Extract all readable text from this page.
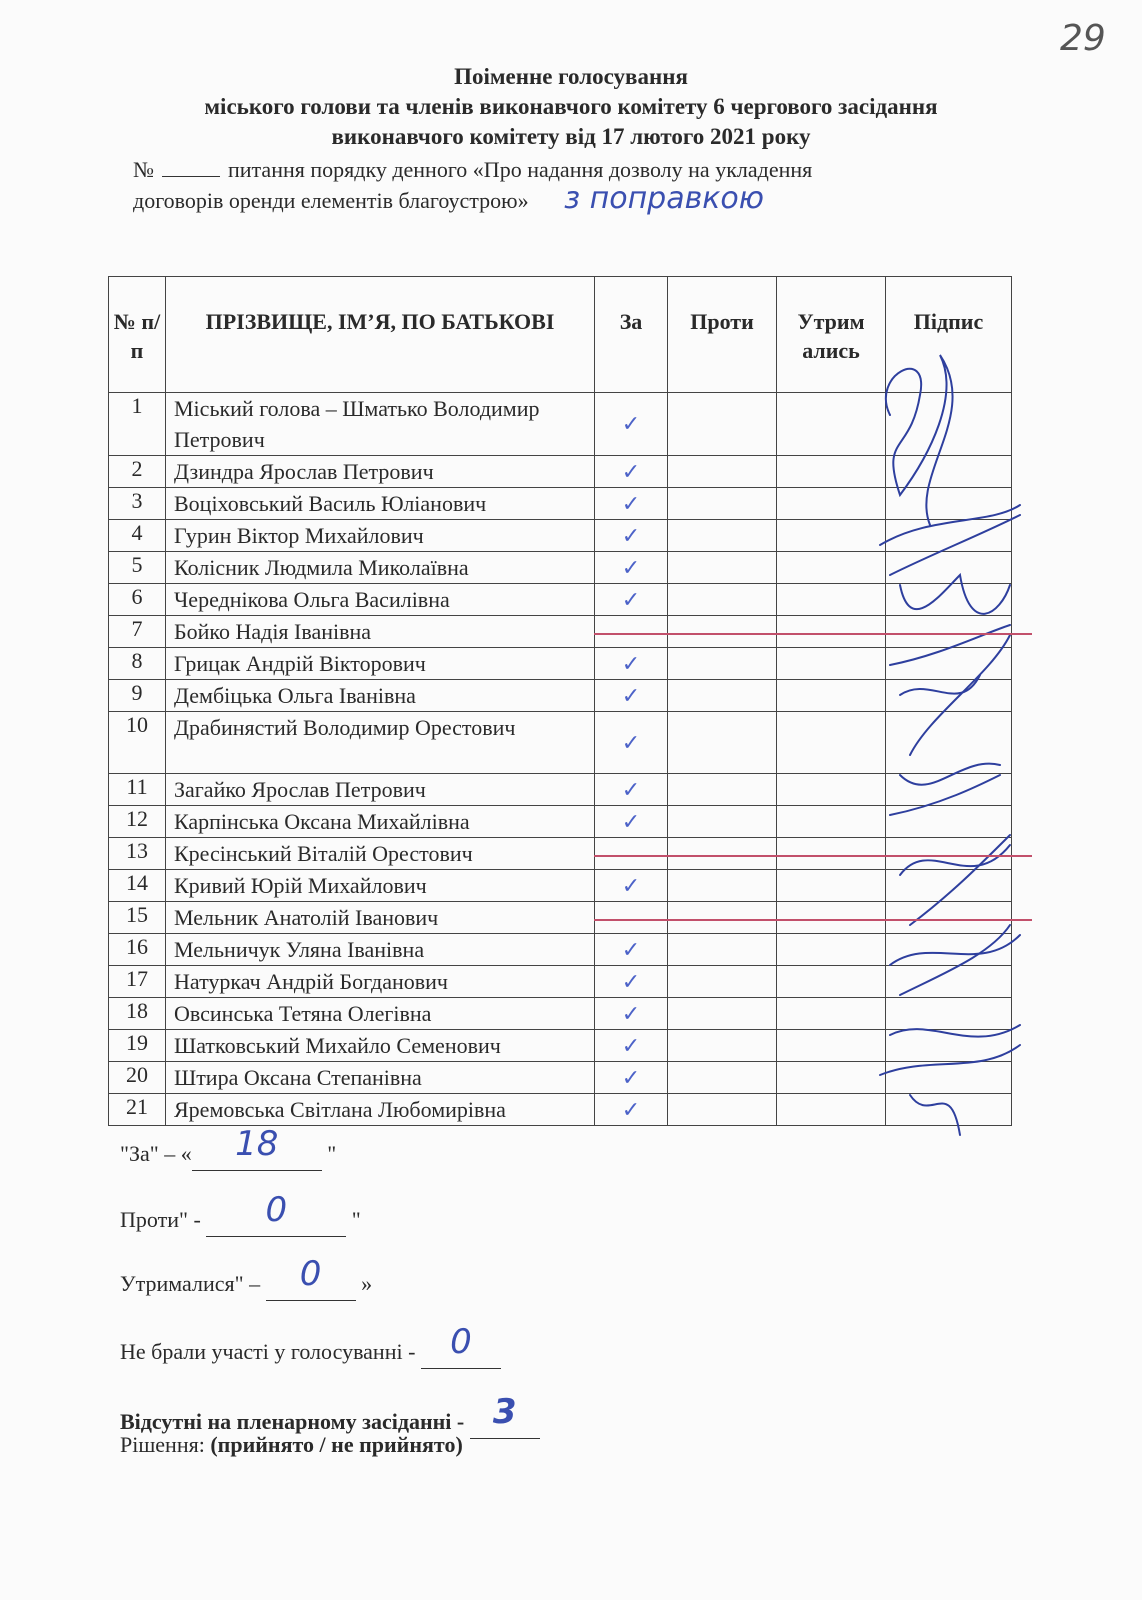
29
Поіменне голосування
міського голови та членів виконавчого комітету 6 чергового засідання
виконавчого комітету від 17 лютого 2021 року
№	питання порядку денного «Про надання дозволу на укладення
договорів оренди елементів благоустрою» з поправкою
№ п/п	ПРІЗВИЩЕ, ІМ’Я, ПО БАТЬКОВІ	За	Проти	Утрим ались	Підпис
1	Міський голова – Шматько Володимир Петрович	✓			
2	Дзиндра Ярослав Петрович	✓			
3	Воціховський Василь Юліанович	✓			
4	Гурин Віктор Михайлович	✓			
5	Колісник Людмила Миколаївна	✓			
6	Череднікова Ольга Василівна	✓			
7	Бойко Надія Іванівна				
8	Грицак Андрій Вікторович	✓			
9	Дембіцька Ольга Іванівна	✓			
10	Драбинястий Володимир Орестович	✓			
11	Загайко Ярослав Петрович	✓			
12	Карпінська Оксана Михайлівна	✓			
13	Кресінський Віталій Орестович				
14	Кривий Юрій Михайлович	✓			
15	Мельник Анатолій Іванович				
16	Мельничук Уляна Іванівна	✓			
17	Натуркач Андрій Богданович	✓			
18	Овсинська Тетяна Олегівна	✓			
19	Шатковський Михайло Семенович	✓			
20	Штира Оксана Степанівна	✓			
21	Яремовська Світлана Любомирівна	✓			
"За" – « 18 "
Проти" - 0	"
Утрималися" – 0 »
Не брали участі у голосуванні - 0
Відсутні на пленарному засіданні - 3
Рішення: (прийнято / не прийнято)
